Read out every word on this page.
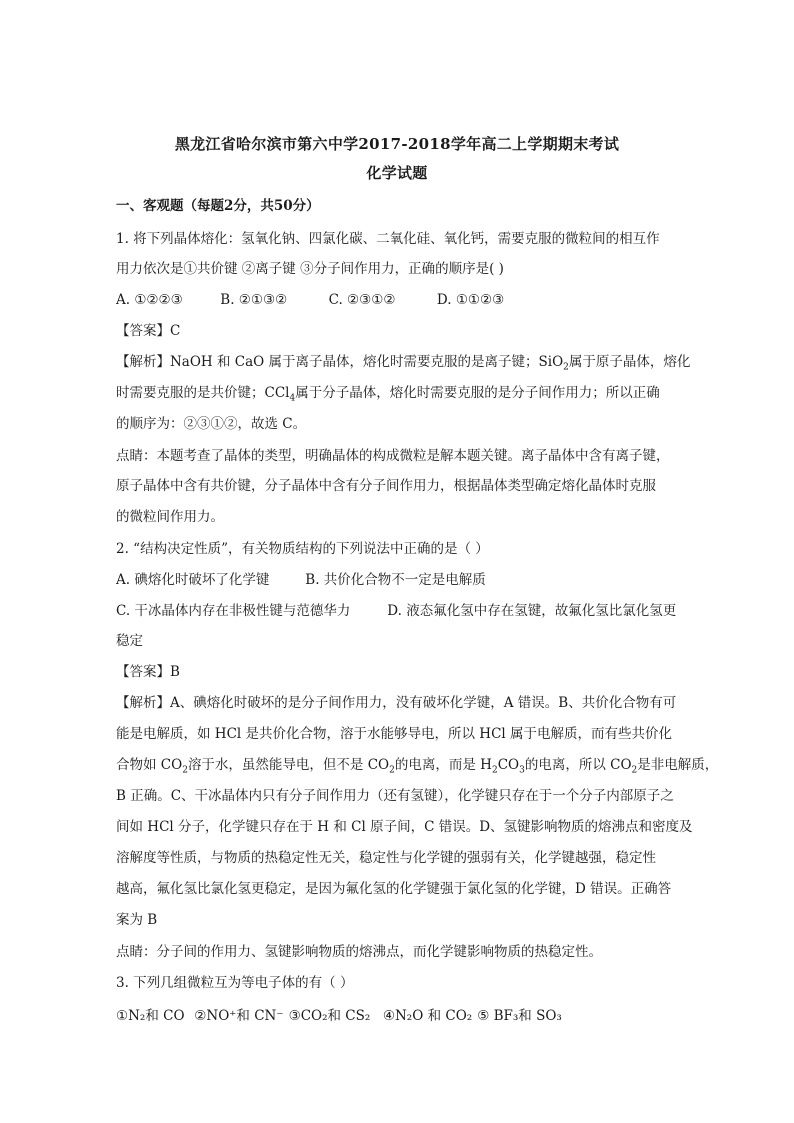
黑龙江省哈尔滨市第六中学2017-2018学年高二上学期期末考试
化学试题
一、客观题（每题2分，共50分）
1. 将下列晶体熔化：氢氧化钠、四氯化碳、二氧化硅、氧化钙，需要克服的微粒间的相互作
用力依次是①共价键 ②离子键 ③分子间作用力，正确的顺序是( )
A. ①②②③	B. ②①③②	C. ②③①②	D. ①①②③
【答案】C
【解析】NaOH 和 CaO 属于离子晶体，熔化时需要克服的是离子键；SiO$_2$属于原子晶体，熔化
时需要克服的是共价键；CCl$_4$属于分子晶体，熔化时需要克服的是分子间作用力；所以正确
的顺序为：②③①②，故选 C。
点睛：本题考查了晶体的类型，明确晶体的构成微粒是解本题关键。离子晶体中含有离子键，
原子晶体中含有共价键，分子晶体中含有分子间作用力，根据晶体类型确定熔化晶体时克服
的微粒间作用力。
2. “结构决定性质”，有关物质结构的下列说法中正确的是（ ）
A. 碘熔化时破坏了化学键	B. 共价化合物不一定是电解质
C. 干冰晶体内存在非极性键与范德华力	D. 液态氟化氢中存在氢键，故氟化氢比氯化氢更
稳定
【答案】B
【解析】A、碘熔化时破坏的是分子间作用力，没有破坏化学键，A 错误。B、共价化合物有可
能是电解质，如 HCl 是共价化合物，溶于水能够导电，所以 HCl 属于电解质，而有些共价化
合物如 $CO_2$溶于水，虽然能导电，但不是 $CO_2$的电离，而是 $H_2CO_3$的电离，所以 $CO_2$是非电解质，
B 正确。C、干冰晶体内只有分子间作用力（还有氢键），化学键只存在于一个分子内部原子之
间如 HCl 分子，化学键只存在于 H 和 Cl 原子间，C 错误。D、氢键影响物质的熔沸点和密度及
溶解度等性质，与物质的热稳定性无关，稳定性与化学键的强弱有关，化学键越强，稳定性
越高，氟化氢比氯化氢更稳定，是因为氟化氢的化学键强于氯化氢的化学键，D 错误。正确答
案为 B
点睛：分子间的作用力、氢键影响物质的熔沸点，而化学键影响物质的热稳定性。
3. 下列几组微粒互为等电子体的有（ ）
①N₂和 CO ②NO⁺和 CN⁻ ③CO₂和 CS₂ ④N₂O 和 CO₂ ⑤ BF₃和 SO₃
